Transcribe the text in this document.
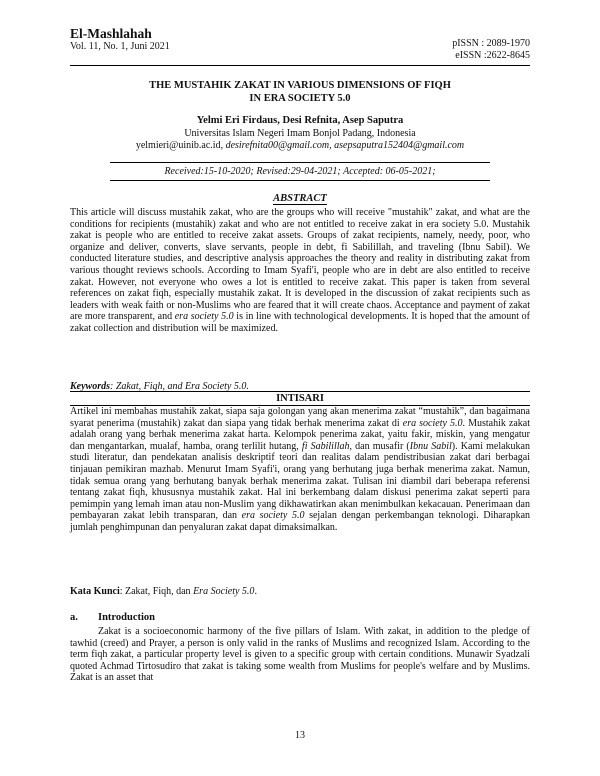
El-Mashlahah
Vol. 11, No. 1, Juni 2021	pISSN : 2089-1970
eISSN :2622-8645
THE MUSTAHIK ZAKAT IN VARIOUS DIMENSIONS OF FIQH
IN ERA SOCIETY 5.0
Yelmi Eri Firdaus, Desi Refnita, Asep Saputra
Universitas Islam Negeri Imam Bonjol Padang, Indonesia
yelmieri@uinib.ac.id, desirefnita00@gmail.com, asepsaputra152404@gmail.com
Received:15-10-2020; Revised:29-04-2021; Accepted: 06-05-2021;
ABSTRACT
This article will discuss mustahik zakat, who are the groups who will receive "mustahik" zakat, and what are the conditions for recipients (mustahik) zakat and who are not entitled to receive zakat in era society 5.0. Mustahik zakat is people who are entitled to receive zakat assets. Groups of zakat recipients, namely, needy, poor, who organize and deliver, converts, slave servants, people in debt, fi Sabilillah, and traveling (Ibnu Sabil). We conducted literature studies, and descriptive analysis approaches the theory and reality in distributing zakat from various thought reviews schools. According to Imam Syafi'i, people who are in debt are also entitled to receive zakat. However, not everyone who owes a lot is entitled to receive zakat. This paper is taken from several references on zakat fiqh, especially mustahik zakat. It is developed in the discussion of zakat recipients such as leaders with weak faith or non-Muslims who are feared that it will create chaos. Acceptance and payment of zakat are more transparent, and era society 5.0 is in line with technological developments. It is hoped that the amount of zakat collection and distribution will be maximized.
Keywords: Zakat, Fiqh, and Era Society 5.0.
INTISARI
Artikel ini membahas mustahik zakat, siapa saja golongan yang akan menerima zakat “mustahik”, dan bagaimana syarat penerima (mustahik) zakat dan siapa yang tidak berhak menerima zakat di era society 5.0. Mustahik zakat adalah orang yang berhak menerima zakat harta. Kelompok penerima zakat, yaitu fakir, miskin, yang mengatur dan mengantarkan, mualaf, hamba, orang terlilit hutang, fi Sabilillah, dan musafir (Ibnu Sabil). Kami melakukan studi literatur, dan pendekatan analisis deskriptif teori dan realitas dalam pendistribusian zakat dari berbagai tinjauan pemikiran mazhab. Menurut Imam Syafi'i, orang yang berhutang juga berhak menerima zakat. Namun, tidak semua orang yang berhutang banyak berhak menerima zakat. Tulisan ini diambil dari beberapa referensi tentang zakat fiqh, khususnya mustahik zakat. Hal ini berkembang dalam diskusi penerima zakat seperti para pemimpin yang lemah iman atau non-Muslim yang dikhawatirkan akan menimbulkan kekacauan. Penerimaan dan pembayaran zakat lebih transparan, dan era society 5.0 sejalan dengan perkembangan teknologi. Diharapkan jumlah penghimpunan dan penyaluran zakat dapat dimaksimalkan.
Kata Kunci: Zakat, Fiqh, dan Era Society 5.0.
a. Introduction
Zakat is a socioeconomic harmony of the five pillars of Islam. With zakat, in addition to the pledge of tawhid (creed) and Prayer, a person is only valid in the ranks of Muslims and recognized Islam. According to the term fiqh zakat, a particular property level is given to a specific group with certain conditions. Munawir Syadzali quoted Achmad Tirtosudiro that zakat is taking some wealth from Muslims for people's welfare and by Muslims. Zakat is an asset that
13
